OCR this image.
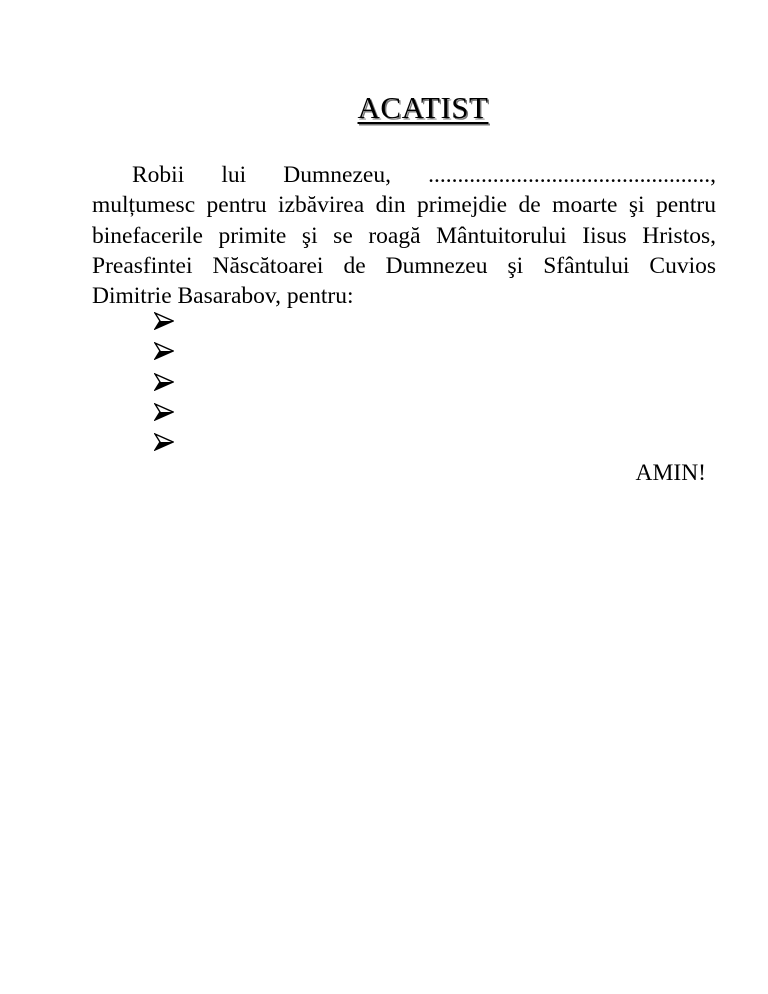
ACATIST
Robii lui Dumnezeu, ................................................,
mulțumesc pentru izbăvirea din primejdie de moarte şi pentru
binefacerile primite şi se roagă Mântuitorului Iisus Hristos,
Preasfintei Născătoarei de Dumnezeu şi Sfântului Cuvios
Dimitrie Basarabov, pentru:
AMIN!
